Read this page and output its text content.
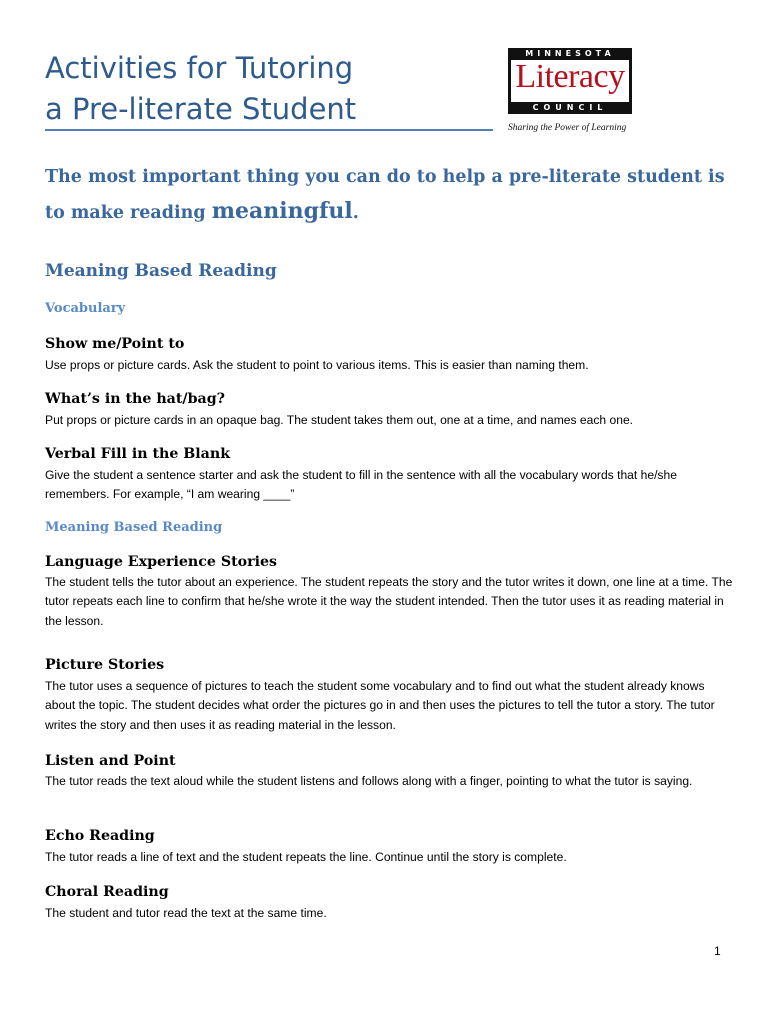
Activities for Tutoring
a Pre-literate Student
MINNESOTA
Literacy
COUNCIL
Sharing the Power of Learning

The most important thing you can do to help a pre-literate student is to make reading meaningful.

Meaning Based Reading
Vocabulary
Show me/Point to

Use props or picture cards. Ask the student to point to various items. This is easier than naming them.

What’s in the hat/bag?

Put props or picture cards in an opaque bag. The student takes them out, one at a time, and names each one.

Verbal Fill in the Blank

Give the student a sentence starter and ask the student to fill in the sentence with all the vocabulary words that he/she remembers. For example, “I am wearing ____”

Meaning Based Reading
Language Experience Stories

The student tells the tutor about an experience. The student repeats the story and the tutor writes it down, one line at a time. The tutor repeats each line to confirm that he/she wrote it the way the student intended. Then the tutor uses it as reading material in the lesson.

Picture Stories

The tutor uses a sequence of pictures to teach the student some vocabulary and to find out what the student already knows about the topic. The student decides what order the pictures go in and then uses the pictures to tell the tutor a story. The tutor writes the story and then uses it as reading material in the lesson.

Listen and Point

The tutor reads the text aloud while the student listens and follows along with a finger, pointing to what the tutor is saying.

Echo Reading

The tutor reads a line of text and the student repeats the line. Continue until the story is complete.

Choral Reading

The student and tutor read the text at the same time.

1
